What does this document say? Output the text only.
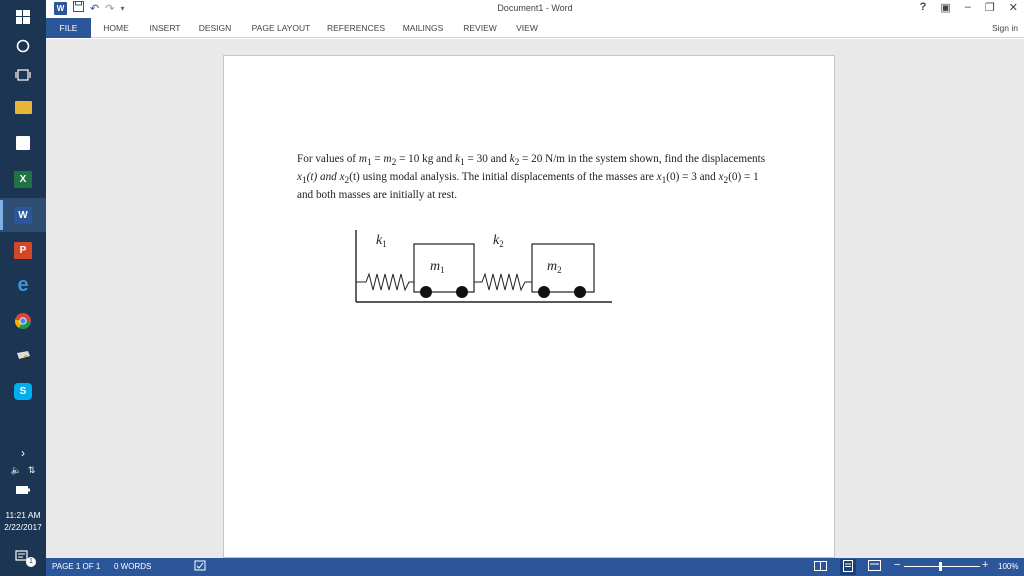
X
W
P
e
S
›
🔈 ⇅
11:21 AM
2/22/2017
1
W ↶ ↷ ▾	Document1 - Word	? ▣ – ❐ ✕
FILE	HOME	INSERT	DESIGN	PAGE LAYOUT	REFERENCES	MAILINGS	REVIEW	VIEW	Sign in

For values of $m_1 = m_2 = 10$ kg and $k_1 = 30$ and $k_2 = 20$ N/m in the system shown, find the displacements

$x_1(t)$ and $x_2(t)$ using modal analysis. The initial displacements of the masses are $x_1(0) = 3$ and $x_2(0) = 1$

and both masses are initially at rest.

$k_1$
$m_1$
$k_2$
$m_2$
PAGE 1 OF 1 0 WORDS	−	+ 100%
